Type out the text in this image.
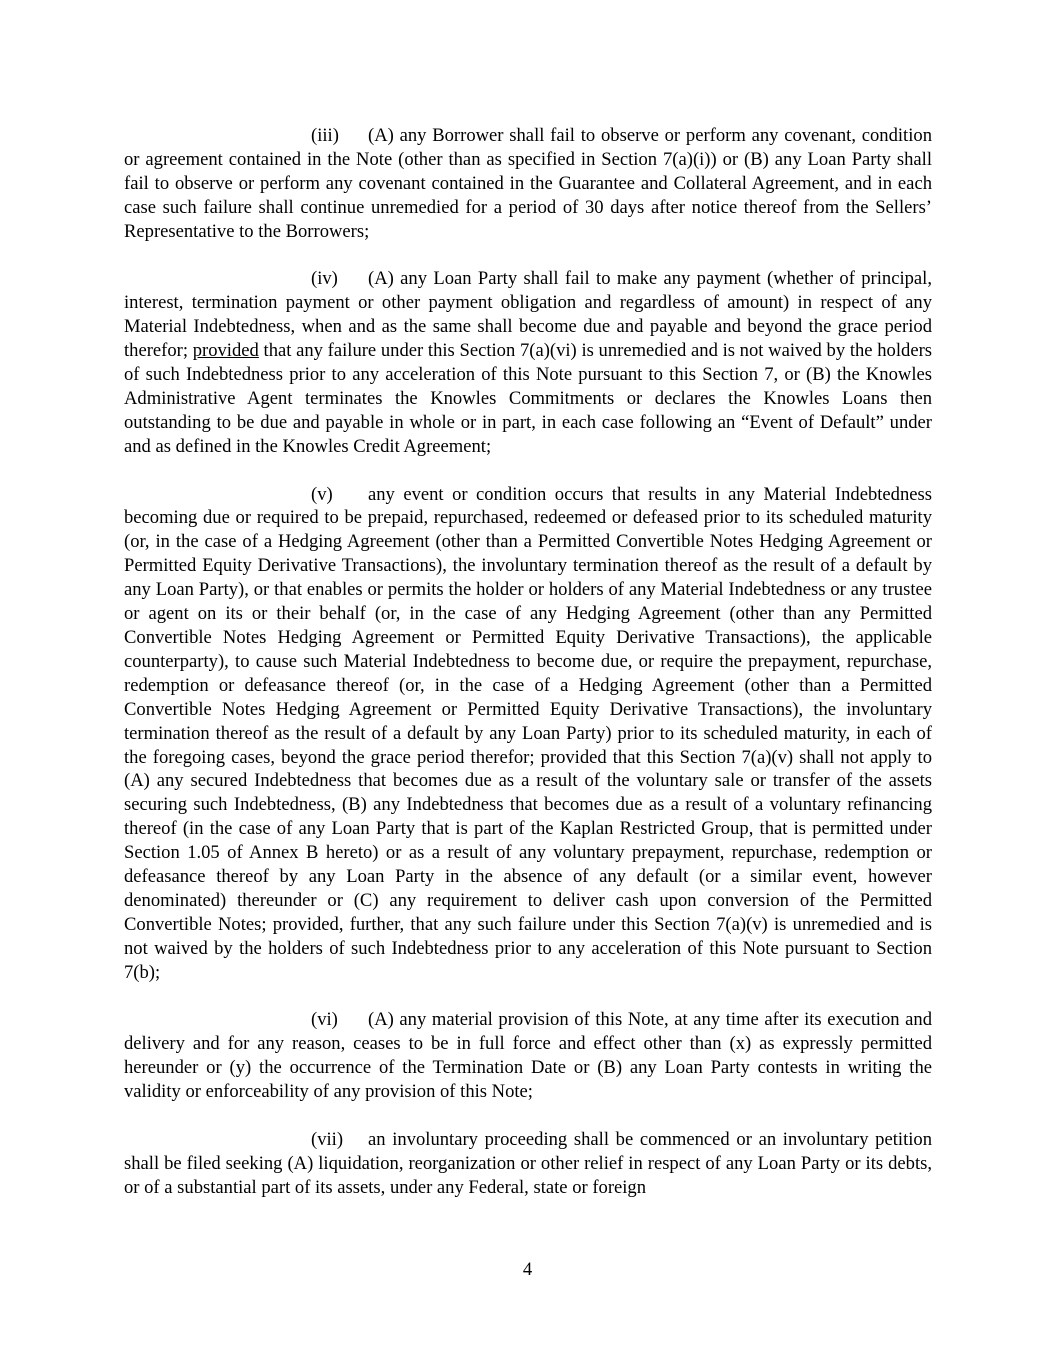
(iii) (A) any Borrower shall fail to observe or perform any covenant, condition or agreement contained in the Note (other than as specified in Section 7(a)(i)) or (B) any Loan Party shall fail to observe or perform any covenant contained in the Guarantee and Collateral Agreement, and in each case such failure shall continue unremedied for a period of 30 days after notice thereof from the Sellers’ Representative to the Borrowers;

(iv) (A) any Loan Party shall fail to make any payment (whether of principal, interest, termination payment or other payment obligation and regardless of amount) in respect of any Material Indebtedness, when and as the same shall become due and payable and beyond the grace period therefor; provided that any failure under this Section 7(a)(vi) is unremedied and is not waived by the holders of such Indebtedness prior to any acceleration of this Note pursuant to this Section 7, or (B) the Knowles Administrative Agent terminates the Knowles Commitments or declares the Knowles Loans then outstanding to be due and payable in whole or in part, in each case following an “Event of Default” under and as defined in the Knowles Credit Agreement;

(v) any event or condition occurs that results in any Material Indebtedness becoming due or required to be prepaid, repurchased, redeemed or defeased prior to its scheduled maturity (or, in the case of a Hedging Agreement (other than a Permitted Convertible Notes Hedging Agreement or Permitted Equity Derivative Transactions), the involuntary termination thereof as the result of a default by any Loan Party), or that enables or permits the holder or holders of any Material Indebtedness or any trustee or agent on its or their behalf (or, in the case of any Hedging Agreement (other than any Permitted Convertible Notes Hedging Agreement or Permitted Equity Derivative Transactions), the applicable counterparty), to cause such Material Indebtedness to become due, or require the prepayment, repurchase, redemption or defeasance thereof (or, in the case of a Hedging Agreement (other than a Permitted Convertible Notes Hedging Agreement or Permitted Equity Derivative Transactions), the involuntary termination thereof as the result of a default by any Loan Party) prior to its scheduled maturity, in each of the foregoing cases, beyond the grace period therefor; provided that this Section 7(a)(v) shall not apply to (A) any secured Indebtedness that becomes due as a result of the voluntary sale or transfer of the assets securing such Indebtedness, (B) any Indebtedness that becomes due as a result of a voluntary refinancing thereof (in the case of any Loan Party that is part of the Kaplan Restricted Group, that is permitted under Section 1.05 of Annex B hereto) or as a result of any voluntary prepayment, repurchase, redemption or defeasance thereof by any Loan Party in the absence of any default (or a similar event, however denominated) thereunder or (C) any requirement to deliver cash upon conversion of the Permitted Convertible Notes; provided, further, that any such failure under this Section 7(a)(v) is unremedied and is not waived by the holders of such Indebtedness prior to any acceleration of this Note pursuant to Section 7(b);

(vi) (A) any material provision of this Note, at any time after its execution and delivery and for any reason, ceases to be in full force and effect other than (x) as expressly permitted hereunder or (y) the occurrence of the Termination Date or (B) any Loan Party contests in writing the validity or enforceability of any provision of this Note;

(vii) an involuntary proceeding shall be commenced or an involuntary petition shall be filed seeking (A) liquidation, reorganization or other relief in respect of any Loan Party or its debts, or of a substantial part of its assets, under any Federal, state or foreign

4
